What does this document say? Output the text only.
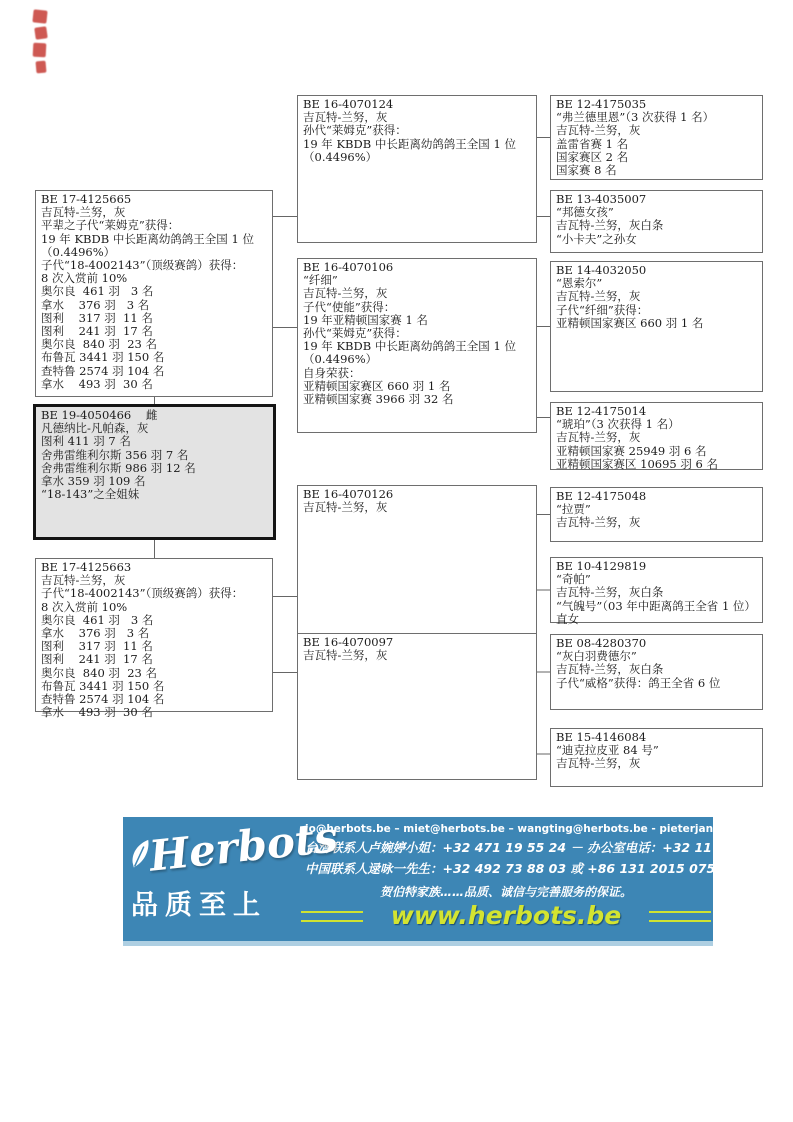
BE 17-4125665
吉瓦特-兰努，灰
平辈之子代“莱姆克”获得：
19 年 KBDB 中长距离幼鸽鸽王全国 1 位
（0.4496%）
子代“18-4002143”（顶级赛鸽）获得：
8 次入赏前 10%
奥尔良  461 羽   3 名
拿水    376 羽   3 名
图利    317 羽  11 名
图利    241 羽  17 名
奥尔良  840 羽  23 名
布鲁瓦 3441 羽 150 名
查特鲁 2574 羽 104 名
拿水    493 羽  30 名
BE 19-4050466    雌
凡德纳比-凡帕森，灰
图利 411 羽 7 名
舍弗雷维利尔斯 356 羽 7 名
舍弗雷维利尔斯 986 羽 12 名
拿水 359 羽 109 名
“18-143”之全姐妹
BE 17-4125663
吉瓦特-兰努，灰
子代“18-4002143”（顶级赛鸽）获得：
8 次入赏前 10%
奥尔良  461 羽   3 名
拿水    376 羽   3 名
图利    317 羽  11 名
图利    241 羽  17 名
奥尔良  840 羽  23 名
布鲁瓦 3441 羽 150 名
查特鲁 2574 羽 104 名
拿水    493 羽  30 名
BE 16-4070124
吉瓦特-兰努，灰
孙代“莱姆克”获得：
19 年 KBDB 中长距离幼鸽鸽王全国 1 位
（0.4496%）
BE 16-4070106
“纤细”
吉瓦特-兰努，灰
子代“使能”获得：
19 年亚精顿国家赛 1 名
孙代“莱姆克”获得：
19 年 KBDB 中长距离幼鸽鸽王全国 1 位
（0.4496%）
自身荣获：
亚精顿国家赛区 660 羽 1 名
亚精顿国家赛 3966 羽 32 名
BE 16-4070126
吉瓦特-兰努，灰
BE 16-4070097
吉瓦特-兰努，灰
BE 12-4175035
“弗兰德里恩”（3 次获得 1 名）
吉瓦特-兰努，灰
盖雷省赛 1 名
国家赛区 2 名
国家赛 8 名
BE 13-4035007
“邦德女孩”
吉瓦特-兰努，灰白条
“小卡夫”之孙女
BE 14-4032050
“恩索尔”
吉瓦特-兰努，灰
子代“纤细”获得：
亚精顿国家赛区 660 羽 1 名
BE 12-4175014
“琥珀”（3 次获得 1 名）
吉瓦特-兰努，灰
亚精顿国家赛 25949 羽 6 名
亚精顿国家赛区 10695 羽 6 名
BE 12-4175048
“拉贾”
吉瓦特-兰努，灰
BE 10-4129819
“奇帕”
吉瓦特-兰努，灰白条
“气魄号”（03 年中距离鸽王全省 1 位）直女
BE 08-4280370
“灰白羽费德尔”
吉瓦特-兰努，灰白条
子代“威格”获得：鸽王全省 6 位
BE 15-4146084
“迪克拉皮亚 84 号”
吉瓦特-兰努，灰
Herbots
品质至上
jo@herbots.be – miet@herbots.be – wangting@herbots.be - pieterjan@herbots.be
台湾联系人卢婉婷小姐：+32 471 19 55 24 － 办公室电话：+32 11 78 91 90
中国联系人逯咏一先生：+32 492 73 88 03 或 +86 131 2015 0755
贺伯特家族……品质、诚信与完善服务的保证。
www.herbots.be
